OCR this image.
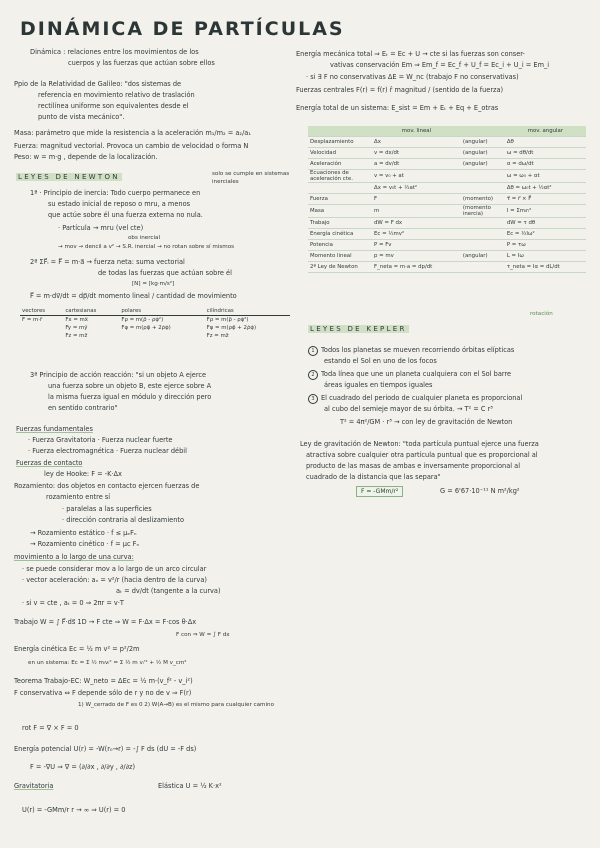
DINÁMICA DE PARTÍCULAS
Dinámica : relaciones entre los movimientos de los
cuerpos y las fuerzas que actúan sobre ellos
Ppio de la Relatividad de Galileo: "dos sistemas de
referencia en movimiento relativo de traslación
rectilínea uniforme son equivalentes desde el
punto de vista mecánico".
Masa: parámetro que mide la resistencia a la aceleración m₁/m₂ = a₂/a₁
Fuerza: magnitud vectorial. Provoca un cambio de velocidad o forma N
Peso: w = m·g , depende de la localización.
LEYES DE NEWTON	solo se cumple en sistemas inerciales
1ª · Principio de inercia: Todo cuerpo permanece en
su estado inicial de reposo o mru, a menos
que actúe sobre él una fuerza externa no nula.
· Partícula → mru (vel cte)
obs inercial
→ mov → dencil a v² → S.R. inercial → no rotan sobre sí mismos
2ª ΣF⃗ᵢ = F⃗ = m·a⃗ → fuerza neta: suma vectorial
de todas las fuerzas que actúan sobre él
[N] = [kg·m/s²]
F⃗ = m·dv⃗/dt = dp⃗/dt momento lineal / cantidad de movimiento
vectores	cartesianas	polares	cilíndricas
F = m·r̈	Fx = mẍ	Fρ = m(ρ̈ - ρφ̇²)	Fρ = m(ρ̈ - ρφ̇²)
	Fy = mÿ	Fφ = m(ρφ̈ + 2ρ̇φ̇)	Fφ = m(ρφ̈ + 2ρ̇φ̇)
	Fz = mz̈		Fz = mz̈
3ª Principio de acción reacción: "si un objeto A ejerce
una fuerza sobre un objeto B, este ejerce sobre A
la misma fuerza igual en módulo y dirección pero
en sentido contrario"
Fuerzas fundamentales
· Fuerza Gravitatoria · Fuerza nuclear fuerte
· Fuerza electromagnética · Fuerza nuclear débil
Fuerzas de contacto
ley de Hooke: F = -K·Δx
Rozamiento: dos objetos en contacto ejercen fuerzas de
rozamiento entre sí
· paralelas a las superficies
· dirección contraria al deslizamiento
→ Rozamiento estático · f ≤ μₑFₙ
→ Rozamiento cinético · f = μc Fₙ
movimiento a lo largo de una curva:
· se puede considerar mov a lo largo de un arco circular
· vector aceleración: aₙ = v²/r (hacia dentro de la curva)
aₜ = dv/dt (tangente a la curva)
· si v = cte , aₜ = 0 ⇒ 2πr = v·T
Trabajo W = ∫ F⃗·ds⃗ 1D → F cte ⇒ W = F·Δx = F·cos θ·Δx
F con ⇒ W = ∫ F dx
Energía cinética Ec = ½ m v² = p²/2m
en un sistema: Ec = Σ ½ mᵢvᵢ² = Σ ½ m vᵢ'² + ½ M v_cm²
Teorema Trabajo-EC: W_neto = ΔEc = ½ m·(v_f² - v_i²)
F conservativa ⇔ F depende sólo de r y no de v ⇒ F(r)
1) W_cerrado de F es 0 2) W(A→B) es el mismo para cualquier camino
rot F = ∇ × F = 0
Energía potencial U(r) = -W(r₀→r) = -∫ F ds (dU = -F ds)
F = -∇U ⇒ ∇ = (∂/∂x , ∂/∂y , ∂/∂z)
Gravitatoria	Elástica U = ½ K·x²
U(r) = -GMm/r r → ∞ ⇒ U(r) = 0
Energía mecánica total ⇒ Eₜ = Ec + U → cte si las fuerzas son conser-
vativas conservación Em ⇒ Em_f = Ec_f + U_f = Ec_i + U_i = Em_i
· si ∃ F no conservativas ΔE = W_nc (trabajo F no conservativas)
Fuerzas centrales F(r) = f(r) r̂ magnitud / (sentido de la fuerza)
Energía total de un sistema: E_sist = Em + Eₜ + Eq + E_otras
	mov. lineal		mov. angular
Desplazamiento	Δx	(angular)	Δθ
Velocidad	v = dx/dt	(angular)	ω = dθ/dt
Aceleración	a = dv/dt	(angular)	α = dω/dt
Ecuaciones de aceleración cte.	v = v₀ + at		ω = ω₀ + αt
	Δx = v₀t + ½at²		Δθ = ω₀t + ½αt²
Fuerza	F	(momento)	τ⃗ = r⃗ × F⃗
Masa	m	(momento inercia)	I = Σmᵢrᵢ²
Trabajo	dW = F dx		dW = τ dθ
Energía cinética	Ec = ½mv²		Ec = ½Iω²
Potencia	P = Fv		P = τω
Momento lineal	p = mv	(angular)	L = Iω
2ª Ley de Newton	F_neta = m·a = dp/dt		τ_neta = Iα = dL/dt
rotación
LEYES DE KEPLER
1 Todos los planetas se mueven recorriendo órbitas elípticas
estando el Sol en uno de los focos
2 Toda línea que une un planeta cualquiera con el Sol barre
áreas iguales en tiempos iguales
3 El cuadrado del periodo de cualquier planeta es proporcional
al cubo del semieje mayor de su órbita. → T² = C r³
T² = 4π²/GM · r³ → con ley de gravitación de Newton
Ley de gravitación de Newton: "toda partícula puntual ejerce una fuerza
atractiva sobre cualquier otra partícula puntual que es proporcional al
producto de las masas de ambas e inversamente proporcional al
cuadrado de la distancia que las separa"
F = -GMm/r²	G = 6'67·10⁻¹¹ N m²/kg²
